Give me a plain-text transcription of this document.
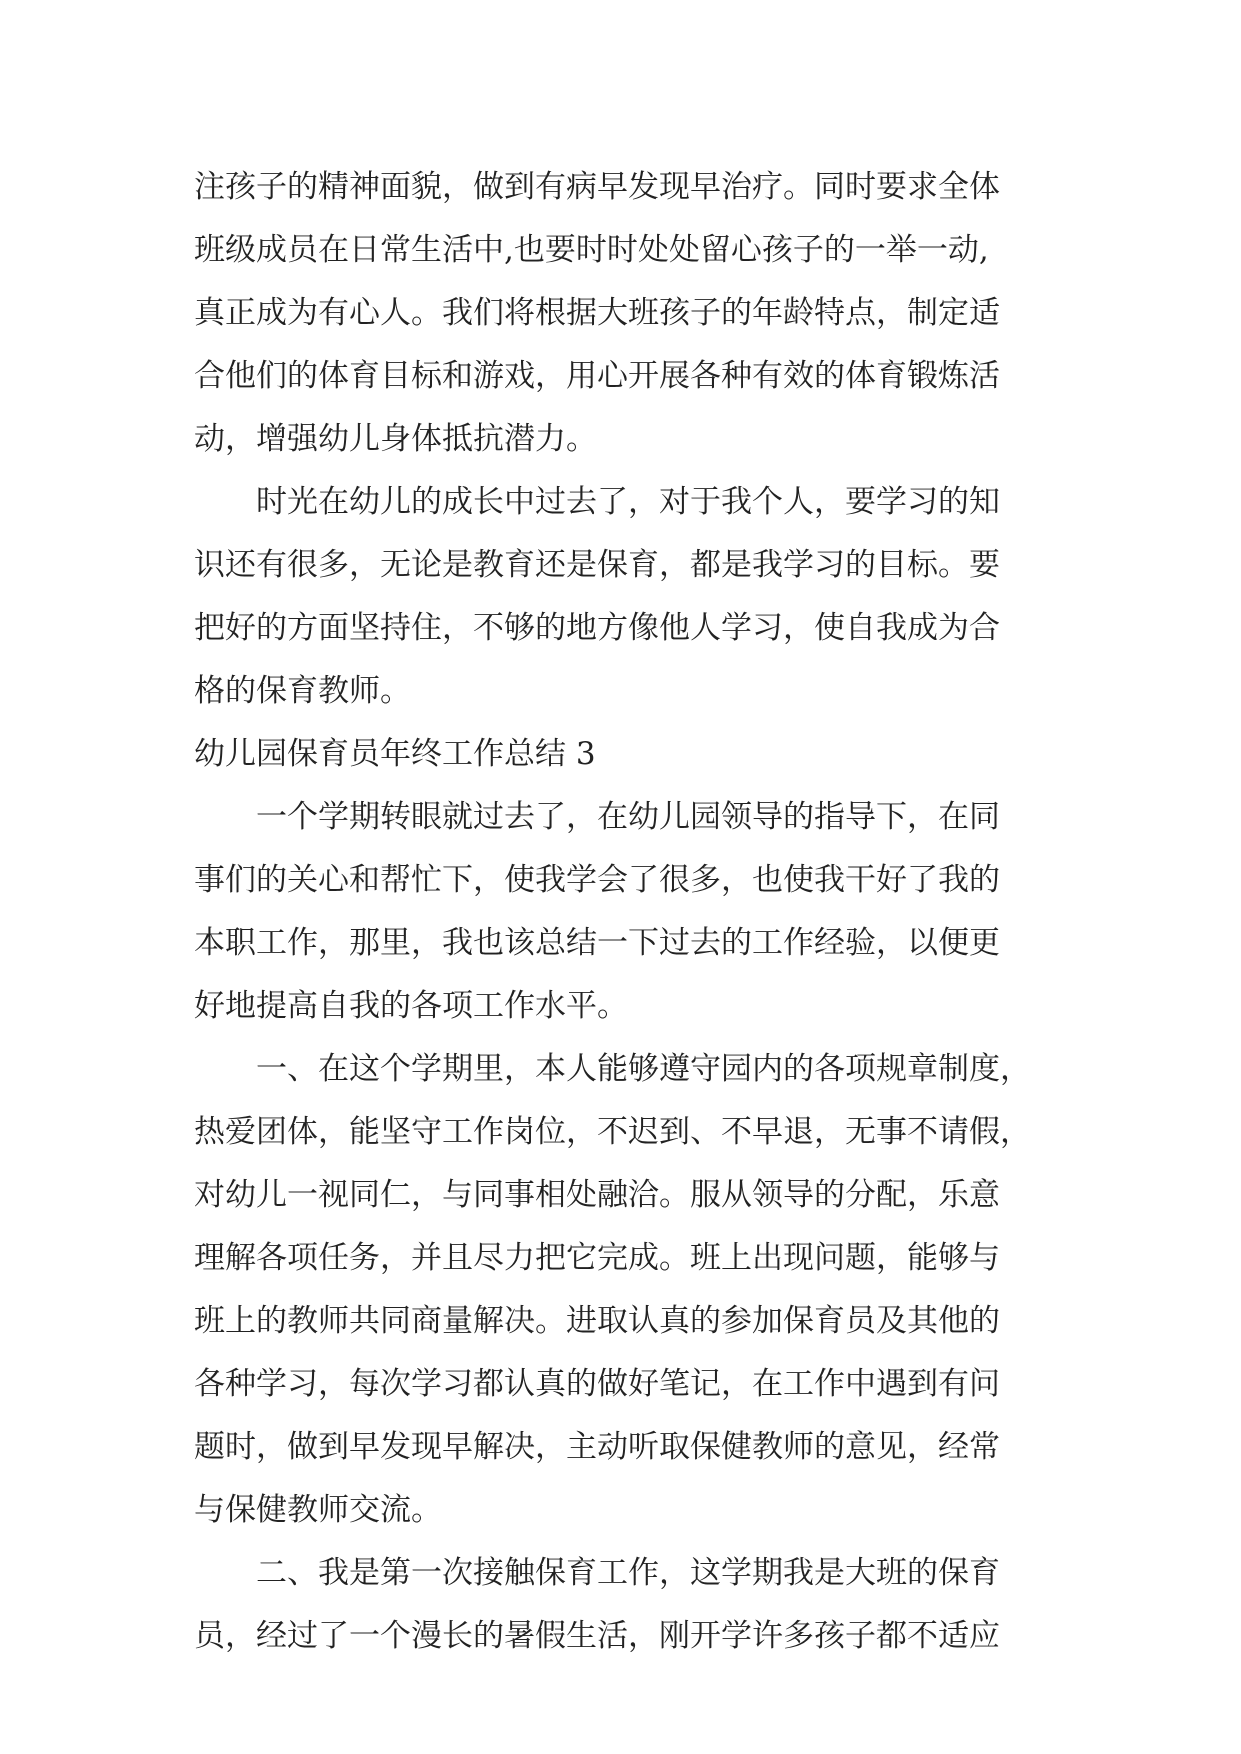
注孩子的精神面貌，做到有病早发现早治疗。同时要求全体

班级成员在日常生活中,也要时时处处留心孩子的一举一动,

真正成为有心人。我们将根据大班孩子的年龄特点，制定适

合他们的体育目标和游戏，用心开展各种有效的体育锻炼活

动，增强幼儿身体抵抗潜力。

时光在幼儿的成长中过去了，对于我个人，要学习的知

识还有很多，无论是教育还是保育，都是我学习的目标。要

把好的方面坚持住，不够的地方像他人学习，使自我成为合

格的保育教师。

幼儿园保育员年终工作总结 3

一个学期转眼就过去了，在幼儿园领导的指导下，在同

事们的关心和帮忙下，使我学会了很多，也使我干好了我的

本职工作，那里，我也该总结一下过去的工作经验，以便更

好地提高自我的各项工作水平。

一、在这个学期里，本人能够遵守园内的各项规章制度，

热爱团体，能坚守工作岗位，不迟到、不早退，无事不请假，

对幼儿一视同仁，与同事相处融洽。服从领导的分配，乐意

理解各项任务，并且尽力把它完成。班上出现问题，能够与

班上的教师共同商量解决。进取认真的参加保育员及其他的

各种学习，每次学习都认真的做好笔记，在工作中遇到有问

题时，做到早发现早解决，主动听取保健教师的意见，经常

与保健教师交流。

二、我是第一次接触保育工作，这学期我是大班的保育

员，经过了一个漫长的暑假生活，刚开学许多孩子都不适应
